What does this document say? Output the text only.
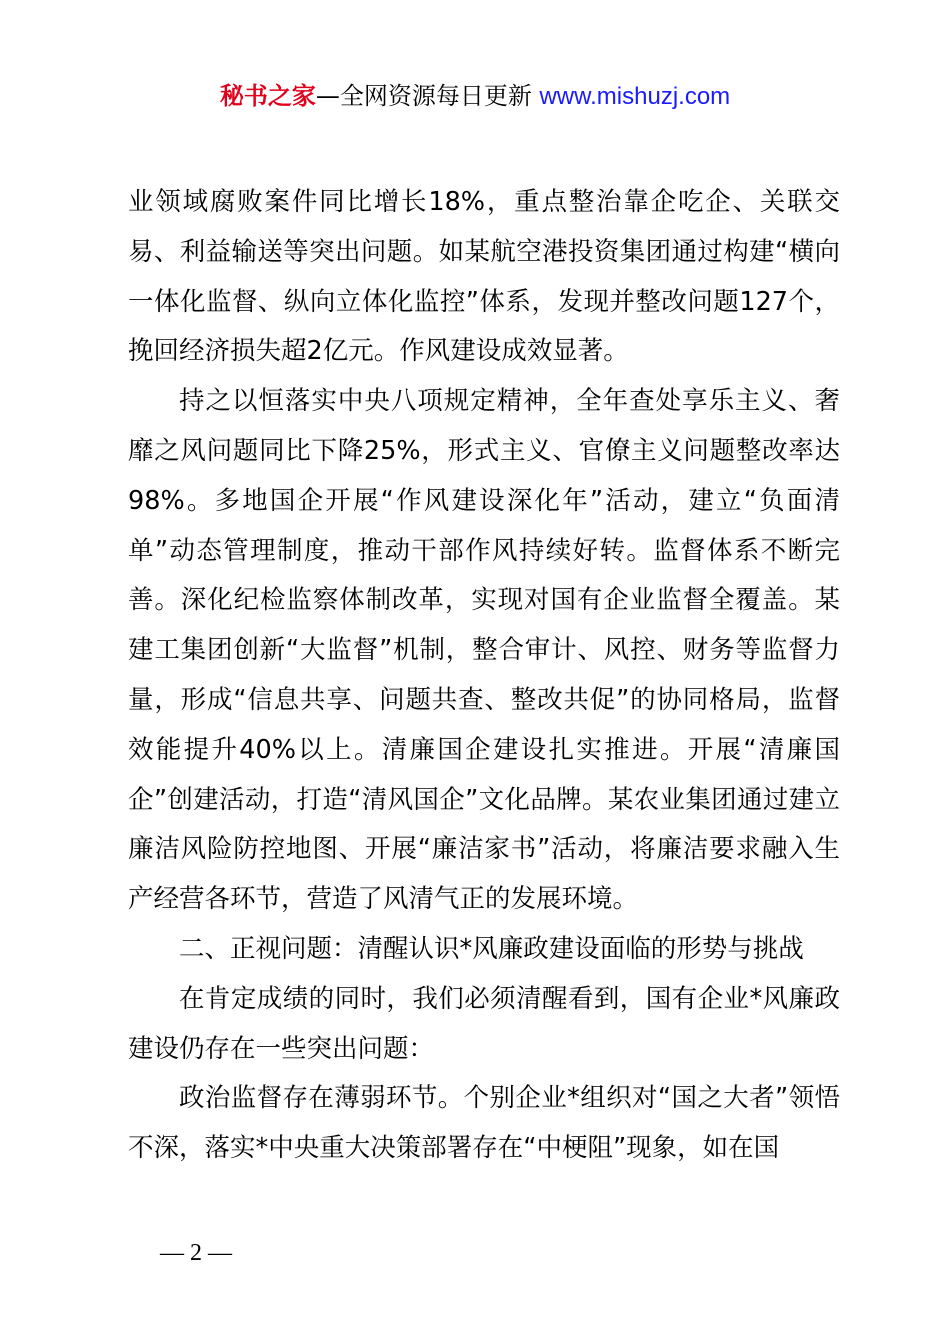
秘书之家—全网资源每日更新 www.mishuzj.com

业领域腐败案件同比增长18%，重点整治靠企吃企、关联交易、利益输送等突出问题。如某航空港投资集团通过构建“横向一体化监督、纵向立体化监控”体系，发现并整改问题127个，挽回经济损失超2亿元。作风建设成效显著。

持之以恒落实中央八项规定精神，全年查处享乐主义、奢靡之风问题同比下降25%，形式主义、官僚主义问题整改率达98%。多地国企开展“作风建设深化年”活动，建立“负面清单”动态管理制度，推动干部作风持续好转。监督体系不断完善。深化纪检监察体制改革，实现对国有企业监督全覆盖。某建工集团创新“大监督”机制，整合审计、风控、财务等监督力量，形成“信息共享、问题共查、整改共促”的协同格局，监督效能提升40%以上。清廉国企建设扎实推进。开展“清廉国企”创建活动，打造“清风国企”文化品牌。某农业集团通过建立廉洁风险防控地图、开展“廉洁家书”活动，将廉洁要求融入生产经营各环节，营造了风清气正的发展环境。

二、正视问题：清醒认识*风廉政建设面临的形势与挑战

在肯定成绩的同时，我们必须清醒看到，国有企业*风廉政建设仍存在一些突出问题：

政治监督存在薄弱环节。个别企业*组织对“国之大者”领悟不深，落实*中央重大决策部署存在“中梗阻”现象，如在国

— 2 —
